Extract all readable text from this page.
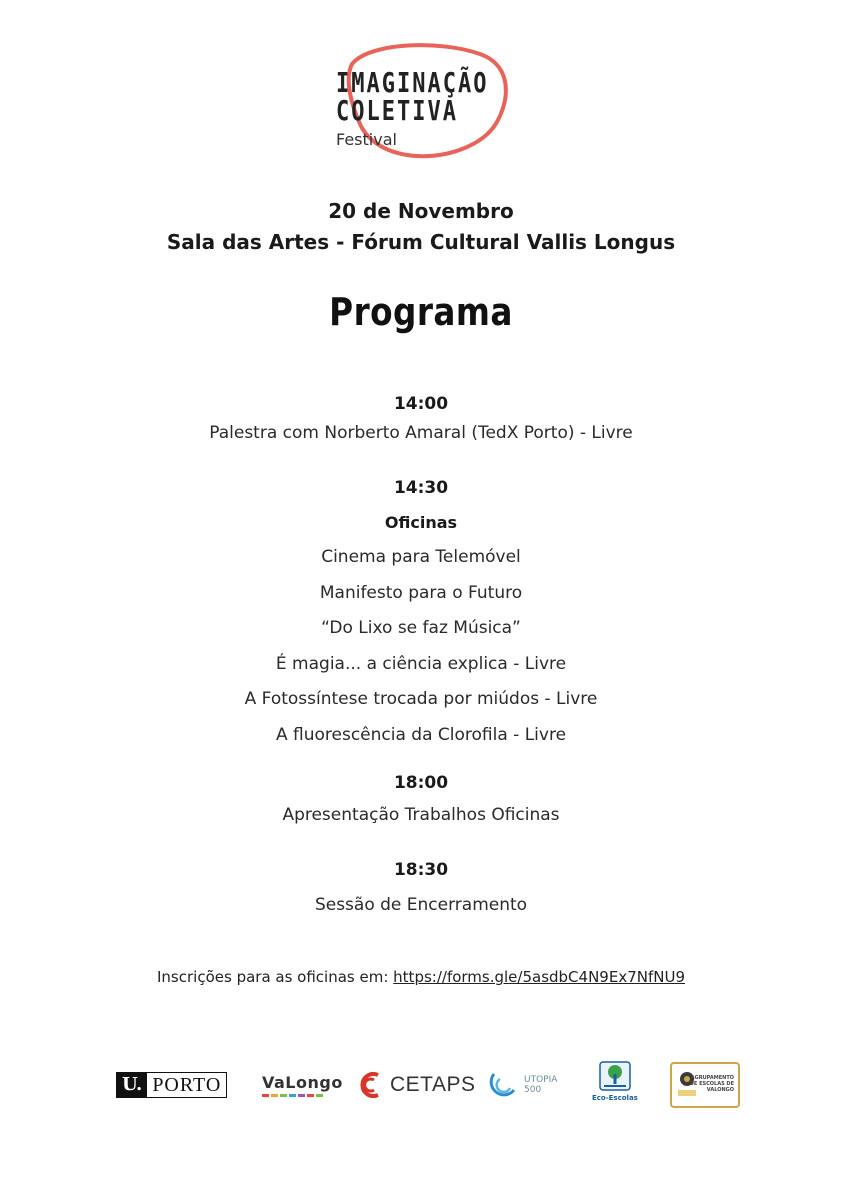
IMAGINAÇÃO
COLETIVA
Festival
20 de Novembro
Sala das Artes - Fórum Cultural Vallis Longus
Programa
14:00
Palestra com Norberto Amaral (TedX Porto) - Livre
14:30
Oficinas
Cinema para Telemóvel
Manifesto para o Futuro
“Do Lixo se faz Música”
É magia... a ciência explica - Livre
A Fotossíntese trocada por miúdos - Livre
A fluorescência da Clorofila - Livre
18:00
Apresentação Trabalhos Oficinas
18:30
Sessão de Encerramento
Inscrições para as oficinas em: https://forms.gle/5asdbC4N9Ex7NfNU9
U. PORTO	VaLongo CETAPS	UTOPIA
500
Eco-Escolas
AGRUPAMENTO
DE ESCOLAS DE
VALONGO
